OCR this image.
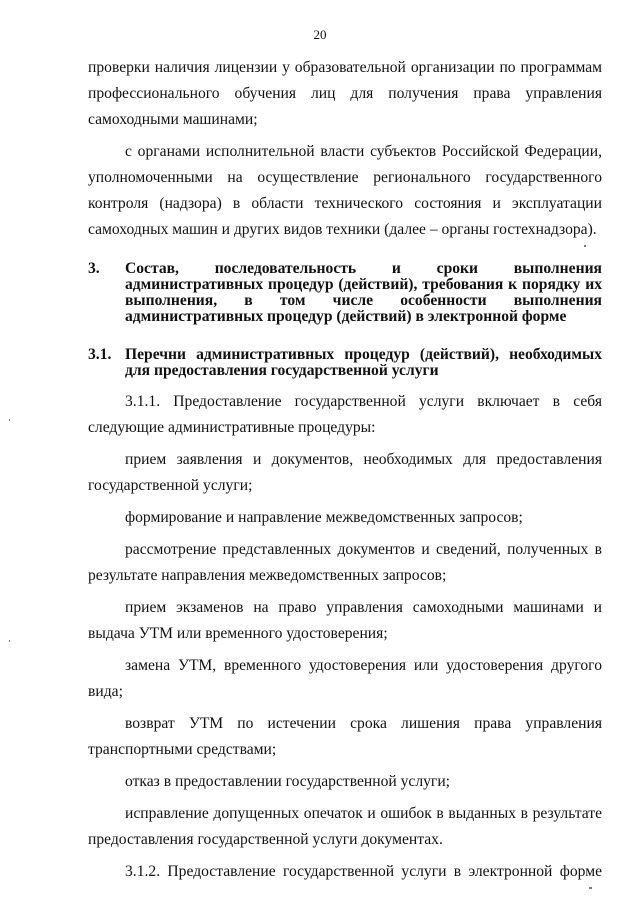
20

проверки наличия лицензии у образовательной организации по программам профессионального обучения лиц для получения права управления самоходными машинами;

с органами исполнительной власти субъектов Российской Федерации, уполномоченными на осуществление регионального государственного контроля (надзора) в области технического состояния и эксплуатации самоходных машин и других видов техники (далее – органы гостехнадзора).

3.	Состав, последовательность и сроки выполнения административных процедур (действий), требования к порядку их выполнения, в том числе особенности выполнения административных процедур (действий) в электронной форме
3.1. Перечни административных процедур (действий), необходимых для предоставления государственной услуги

3.1.1. Предоставление государственной услуги включает в себя следующие административные процедуры:

прием заявления и документов, необходимых для предоставления государственной услуги;

формирование и направление межведомственных запросов;

рассмотрение представленных документов и сведений, полученных в результате направления межведомственных запросов;

прием экзаменов на право управления самоходными машинами и выдача УТМ или временного удостоверения;

замена УТМ, временного удостоверения или удостоверения другого вида;

возврат УТМ по истечении срока лишения права управления транспортными средствами;

отказ в предоставлении государственной услуги;

исправление допущенных опечаток и ошибок в выданных в результате предоставления государственной услуги документах.

3.1.2. Предоставление государственной услуги в электронной форме
